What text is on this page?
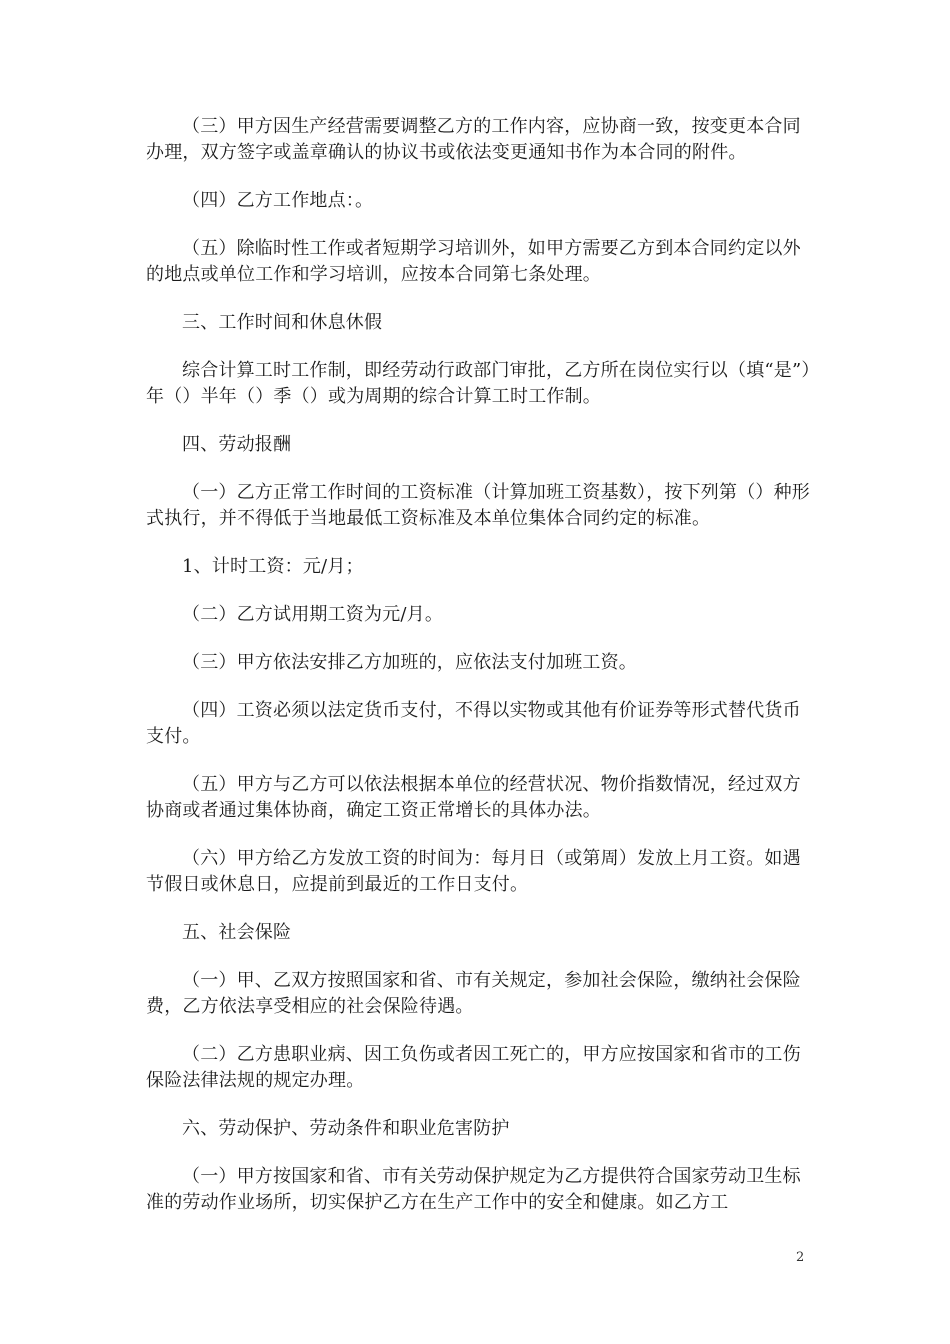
（三）甲方因生产经营需要调整乙方的工作内容，应协商一致，按变更本合同办理，双方签字或盖章确认的协议书或依法变更通知书作为本合同的附件。

（四）乙方工作地点：。

（五）除临时性工作或者短期学习培训外，如甲方需要乙方到本合同约定以外的地点或单位工作和学习培训，应按本合同第七条处理。

三、工作时间和休息休假

综合计算工时工作制，即经劳动行政部门审批，乙方所在岗位实行以（填“是”）年（）半年（）季（）或为周期的综合计算工时工作制。

四、劳动报酬

（一）乙方正常工作时间的工资标准（计算加班工资基数），按下列第（）种形式执行，并不得低于当地最低工资标准及本单位集体合同约定的标准。

1、计时工资：元/月；

（二）乙方试用期工资为元/月。

（三）甲方依法安排乙方加班的，应依法支付加班工资。

（四）工资必须以法定货币支付，不得以实物或其他有价证券等形式替代货币支付。

（五）甲方与乙方可以依法根据本单位的经营状况、物价指数情况，经过双方协商或者通过集体协商，确定工资正常增长的具体办法。

（六）甲方给乙方发放工资的时间为：每月日（或第周）发放上月工资。如遇节假日或休息日，应提前到最近的工作日支付。

五、社会保险

（一）甲、乙双方按照国家和省、市有关规定，参加社会保险，缴纳社会保险费，乙方依法享受相应的社会保险待遇。

（二）乙方患职业病、因工负伤或者因工死亡的，甲方应按国家和省市的工伤保险法律法规的规定办理。

六、劳动保护、劳动条件和职业危害防护

（一）甲方按国家和省、市有关劳动保护规定为乙方提供符合国家劳动卫生标准的劳动作业场所，切实保护乙方在生产工作中的安全和健康。如乙方工

2
